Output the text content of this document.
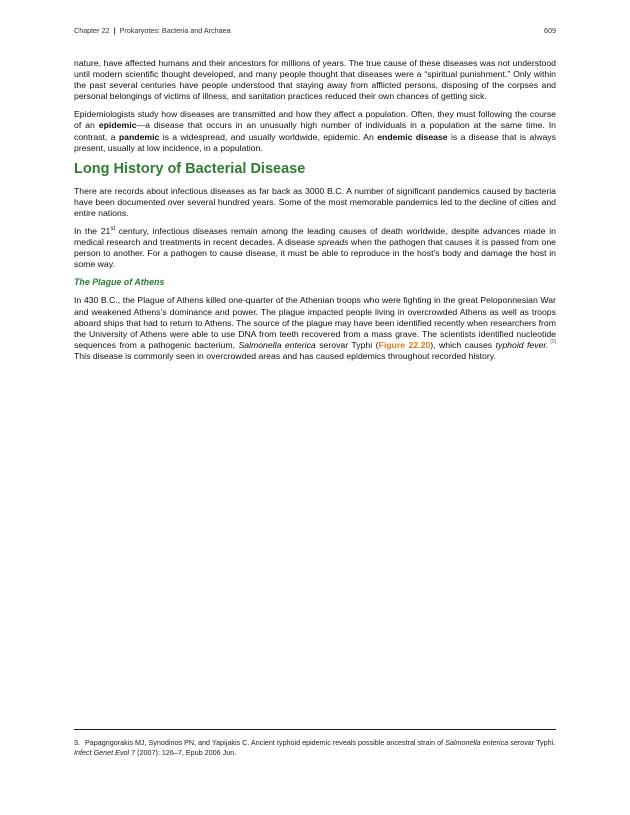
Chapter 22 | Prokaryotes: Bacteria and Archaea	609

nature, have affected humans and their ancestors for millions of years. The true cause of these diseases was not understood until modern scientific thought developed, and many people thought that diseases were a “spiritual punishment.” Only within the past several centuries have people understood that staying away from afflicted persons, disposing of the corpses and personal belongings of victims of illness, and sanitation practices reduced their own chances of getting sick.

Epidemiologists study how diseases are transmitted and how they affect a population. Often, they must following the course of an epidemic—a disease that occurs in an unusually high number of individuals in a population at the same time. In contrast, a pandemic is a widespread, and usually worldwide, epidemic. An endemic disease is a disease that is always present, usually at low incidence, in a population.

Long History of Bacterial Disease

There are records about infectious diseases as far back as 3000 B.C. A number of significant pandemics caused by bacteria have been documented over several hundred years. Some of the most memorable pandemics led to the decline of cities and entire nations.

In the 21st century, infectious diseases remain among the leading causes of death worldwide, despite advances made in medical research and treatments in recent decades. A disease spreads when the pathogen that causes it is passed from one person to another. For a pathogen to cause disease, it must be able to reproduce in the host’s body and damage the host in some way.

The Plague of Athens

In 430 B.C., the Plague of Athens killed one-quarter of the Athenian troops who were fighting in the great Peloponnesian War and weakened Athens’s dominance and power. The plague impacted people living in overcrowded Athens as well as troops aboard ships that had to return to Athens. The source of the plague may have been identified recently when researchers from the University of Athens were able to use DNA from teeth recovered from a mass grave. The scientists identified nucleotide sequences from a pathogenic bacterium, Salmonella enterica serovar Typhi (Figure 22.20), which causes typhoid fever. [3] This disease is commonly seen in overcrowded areas and has caused epidemics throughout recorded history.

3. Papagrigorakis MJ, Synodinos PN, and Yapijakis C. Ancient typhoid epidemic reveals possible ancestral strain of Salmonella enterica serovar Typhi. Infect Genet Evol 7 (2007): 126–7, Epub 2006 Jun.
